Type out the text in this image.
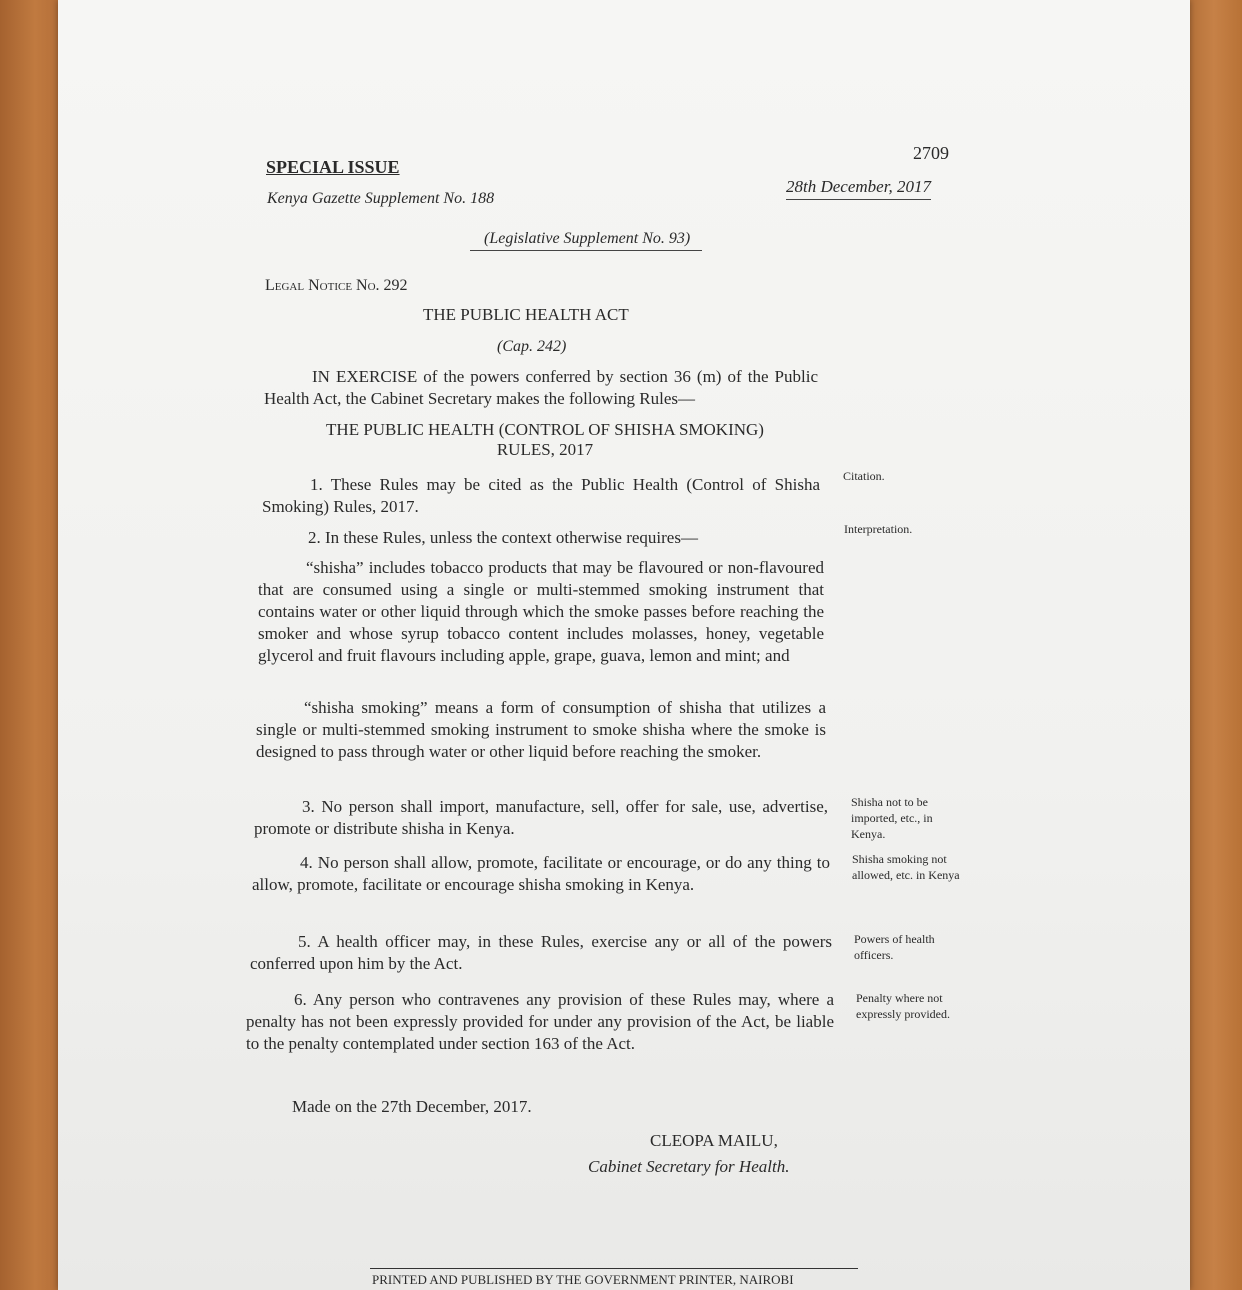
2709
SPECIAL ISSUE
Kenya Gazette Supplement No. 188
28th December, 2017
(Legislative Supplement No. 93)
Legal Notice No. 292
THE PUBLIC HEALTH ACT
(Cap. 242)
IN EXERCISE of the powers conferred by section 36 (m) of the Public Health Act, the Cabinet Secretary makes the following Rules—
THE PUBLIC HEALTH (CONTROL OF SHISHA SMOKING)
RULES, 2017
1. These Rules may be cited as the Public Health (Control of Shisha Smoking) Rules, 2017.
Citation.
2. In these Rules, unless the context otherwise requires—	Interpretation.
“shisha” includes tobacco products that may be flavoured or non-flavoured that are consumed using a single or multi-stemmed smoking instrument that contains water or other liquid through which the smoke passes before reaching the smoker and whose syrup tobacco content includes molasses, honey, vegetable glycerol and fruit flavours including apple, grape, guava, lemon and mint; and
“shisha smoking” means a form of consumption of shisha that utilizes a single or multi-stemmed smoking instrument to smoke shisha where the smoke is designed to pass through water or other liquid before reaching the smoker.
3. No person shall import, manufacture, sell, offer for sale, use, advertise, promote or distribute shisha in Kenya.
Shisha not to be imported, etc., in Kenya.
4. No person shall allow, promote, facilitate or encourage, or do any thing to allow, promote, facilitate or encourage shisha smoking in Kenya.
Shisha smoking not allowed, etc. in Kenya
5. A health officer may, in these Rules, exercise any or all of the powers conferred upon him by the Act.
Powers of health officers.
6. Any person who contravenes any provision of these Rules may, where a penalty has not been expressly provided for under any provision of the Act, be liable to the penalty contemplated under section 163 of the Act.
Penalty where not expressly provided.
Made on the 27th December, 2017.
CLEOPA MAILU,
Cabinet Secretary for Health.
PRINTED AND PUBLISHED BY THE GOVERNMENT PRINTER, NAIROBI
